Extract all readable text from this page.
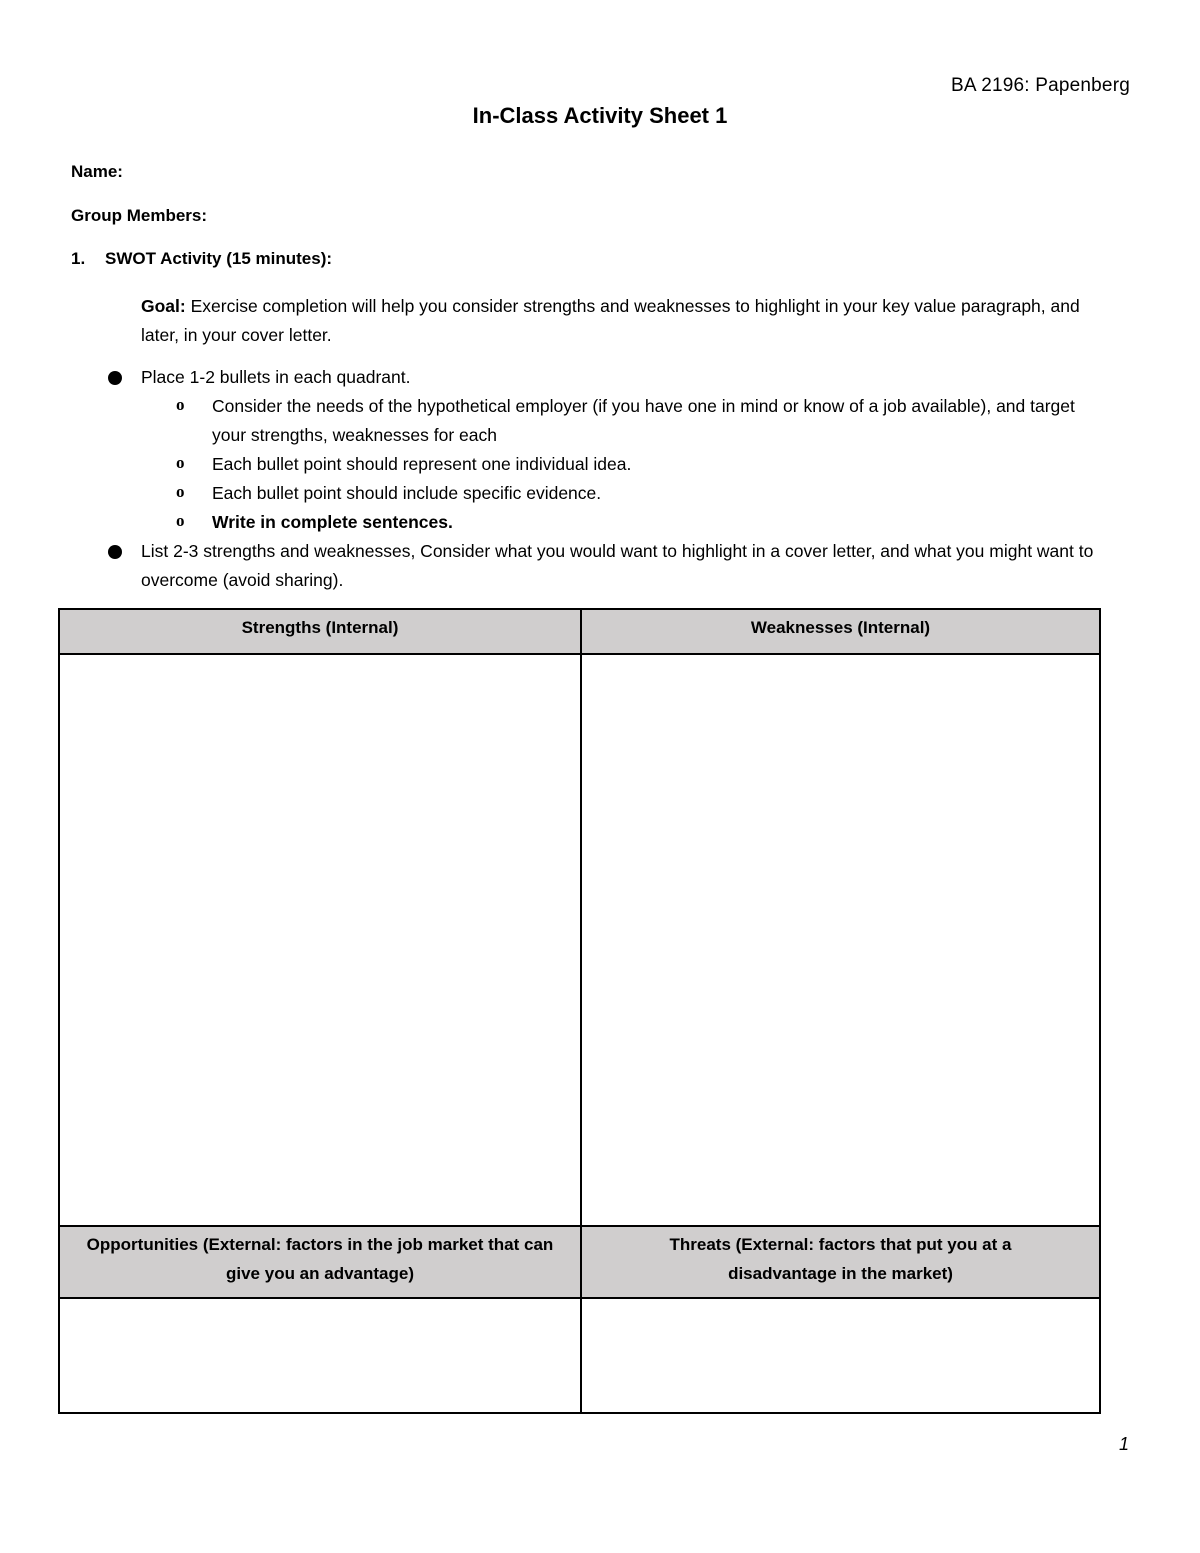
BA 2196: Papenberg
In-Class Activity Sheet 1
Name:
Group Members:
1. SWOT Activity (15 minutes):
Goal: Exercise completion will help you consider strengths and weaknesses to highlight in your key value paragraph, and later, in your cover letter.
Place 1-2 bullets in each quadrant.
o Consider the needs of the hypothetical employer (if you have one in mind or know of a job available), and target your strengths, weaknesses for each
o Each bullet point should represent one individual idea.
o Each bullet point should include specific evidence.
o Write in complete sentences.
List 2-3 strengths and weaknesses, Consider what you would want to highlight in a cover letter, and what you might want to overcome (avoid sharing).
Strengths (Internal)	Weaknesses (Internal)
Opportunities (External: factors in the job market that can give you an advantage)
Threats (External: factors that put you at a disadvantage in the market)
1
